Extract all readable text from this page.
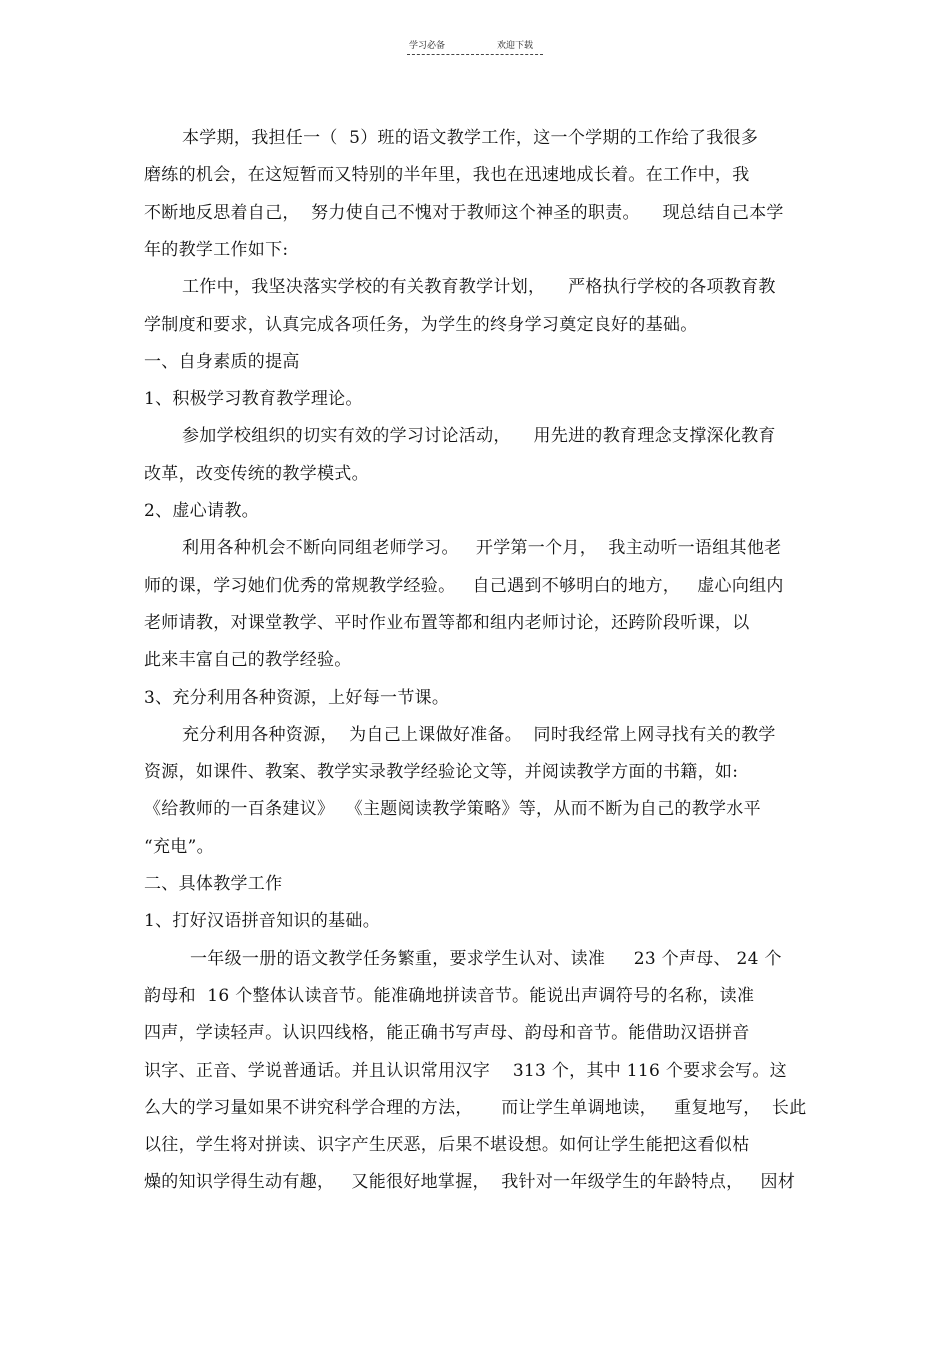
学习必备	欢迎下载
本学期，我担任一（  5）班的语文教学工作，这一个学期的工作给了我很多
磨练的机会，在这短暂而又特别的半年里，我也在迅速地成长着。在工作中，我
不断地反思着自己，  努力使自己不愧对于教师这个神圣的职责。    现总结自己本学
年的教学工作如下:
工作中，我坚决落实学校的有关教育教学计划，    严格执行学校的各项教育教
学制度和要求，认真完成各项任务，为学生的终身学习奠定良好的基础。
一、自身素质的提高
1、积极学习教育教学理论。
参加学校组织的切实有效的学习讨论活动，    用先进的教育理念支撑深化教育
改革，改变传统的教学模式。
2、虚心请教。
利用各种机会不断向同组老师学习。   开学第一个月，  我主动听一语组其他老
师的课，学习她们优秀的常规教学经验。   自己遇到不够明白的地方，   虚心向组内
老师请教，对课堂教学、平时作业布置等都和组内老师讨论，还跨阶段听课，以
此来丰富自己的教学经验。
3、充分利用各种资源，上好每一节课。
充分利用各种资源，  为自己上课做好准备。  同时我经常上网寻找有关的教学
资源，如课件、教案、教学实录教学经验论文等，并阅读教学方面的书籍，如:
《给教师的一百条建议》  《主题阅读教学策略》等，从而不断为自己的教学水平
“充电”。
二、具体教学工作
1、打好汉语拼音知识的基础。
一年级一册的语文教学任务繁重，要求学生认对、读准     23 个声母、 24 个
韵母和  16 个整体认读音节。能准确地拼读音节。能说出声调符号的名称，读准
四声，学读轻声。认识四线格，能正确书写声母、韵母和音节。能借助汉语拼音
识字、正音、学说普通话。并且认识常用汉字    313 个，其中 116 个要求会写。这
么大的学习量如果不讲究科学合理的方法，     而让学生单调地读，   重复地写，  长此
以往，学生将对拼读、识字产生厌恶，后果不堪设想。如何让学生能把这看似枯
燥的知识学得生动有趣，   又能很好地掌握，  我针对一年级学生的年龄特点，   因材
